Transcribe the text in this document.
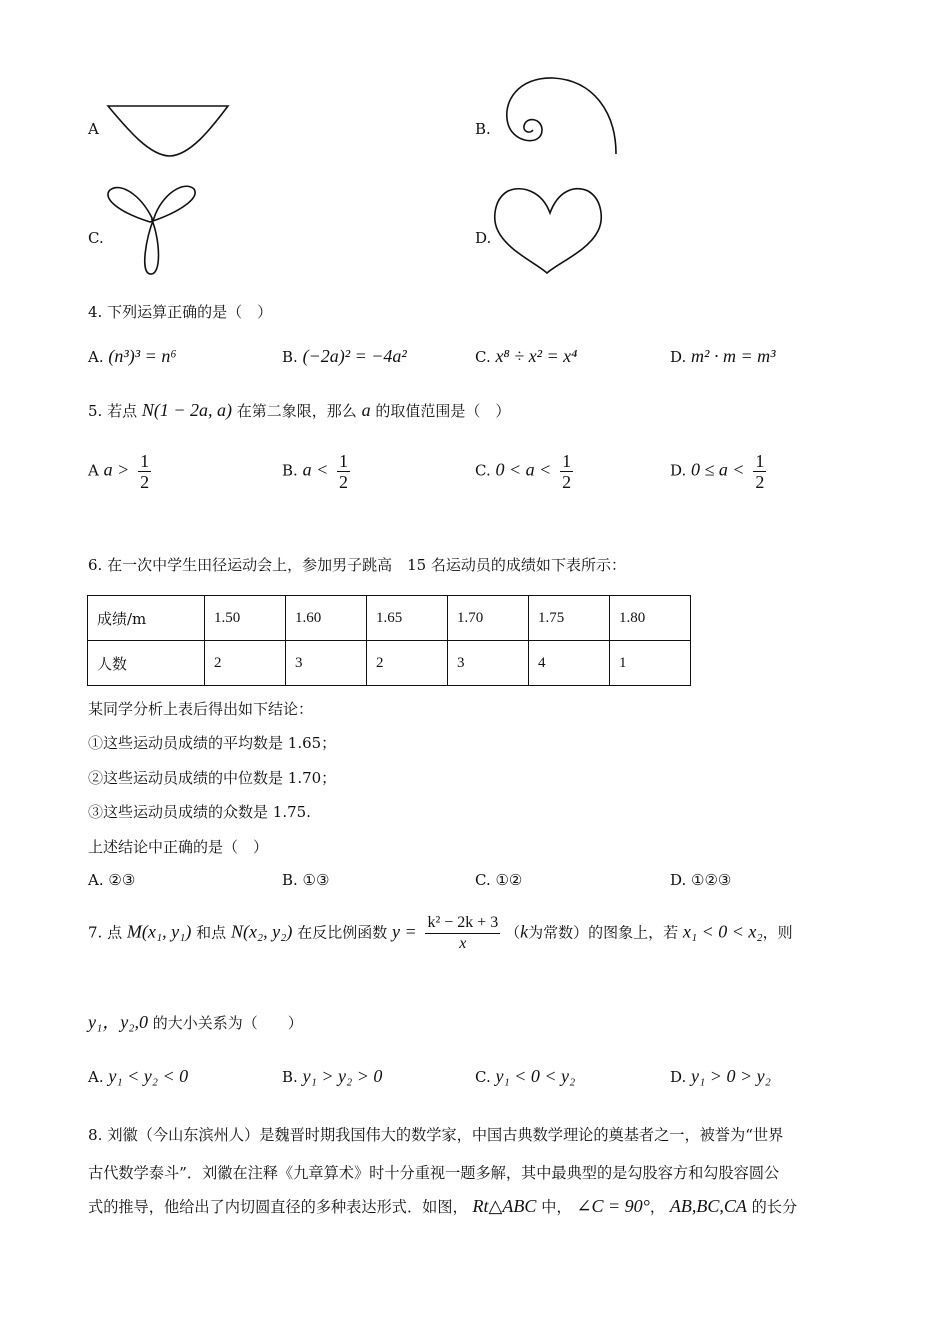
A	B.
C.	D.
4. 下列运算正确的是（　）
A. (n³)³ = n⁶	B. (−2a)² = −4a²	C. x⁸ ÷ x² = x⁴	D. m² · m = m³
5. 若点 N(1 − 2a, a) 在第二象限，那么 a 的取值范围是（　）
A $a > \frac{1}{2}$	B. $a < \frac{1}{2}$	C. $0 < a < \frac{1}{2}$	D. $0 \le a < \frac{1}{2}$
6. 在一次中学生田径运动会上，参加男子跳高　15 名运动员的成绩如下表所示：
成绩/m	1.50	1.60	1.65	1.70	1.75	1.80
人数	2	3	2	3	4	1
某同学分析上表后得出如下结论：
①这些运动员成绩的平均数是 1.65；
②这些运动员成绩的中位数是 1.70；
③这些运动员成绩的众数是 1.75.
上述结论中正确的是（　）
A. ②③	B. ①③	C. ①②	D. ①②③
7. 点 M(x₁, y₁) 和点 N(x₂, y₂) 在反比例函数 $y = \frac{\text{k² − 2k + 3}}{x} (k$为常数）的图象上，若 x₁ < 0 < x₂，则
y₁，y₂,0 的大小关系为（　　）
A. y₁ < y₂ < 0	B. y₁ > y₂ > 0	C. y₁ < 0 < y₂	D. y₁ > 0 > y₂
8. 刘徽（今山东滨州人）是魏晋时期我国伟大的数学家，中国古典数学理论的奠基者之一，被誉为“世界
古代数学泰斗”．刘徽在注释《九章算术》时十分重视一题多解，其中最典型的是勾股容方和勾股容圆公
式的推导，他给出了内切圆直径的多种表达形式．如图， Rt△ABC 中， ∠C = 90°， AB,BC,CA 的长分
